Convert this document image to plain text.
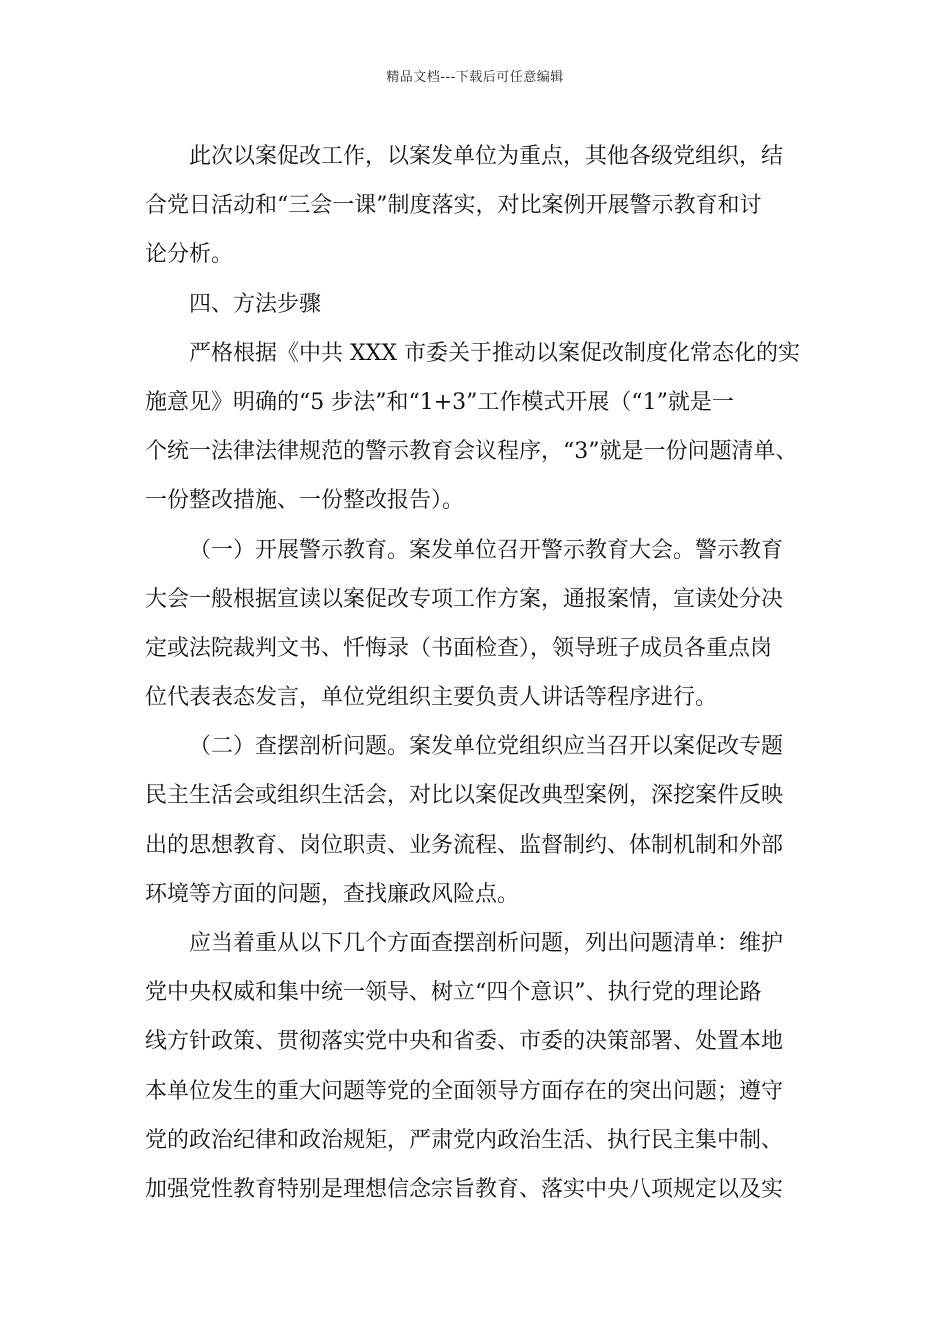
精品文档---下载后可任意编辑
此次以案促改工作，以案发单位为重点，其他各级党组织，结
合党日活动和“三会一课”制度落实，对比案例开展警示教育和讨
论分析。
四、方法步骤
严格根据《中共 XXX 市委关于推动以案促改制度化常态化的实
施意见》明确的“5 步法”和“1+3”工作模式开展（“1”就是一
个统一法律法律规范的警示教育会议程序，“3”就是一份问题清单、
一份整改措施、一份整改报告）。
（一）开展警示教育。案发单位召开警示教育大会。警示教育
大会一般根据宣读以案促改专项工作方案，通报案情，宣读处分决
定或法院裁判文书、忏悔录（书面检查），领导班子成员各重点岗
位代表表态发言，单位党组织主要负责人讲话等程序进行。
（二）查摆剖析问题。案发单位党组织应当召开以案促改专题
民主生活会或组织生活会，对比以案促改典型案例，深挖案件反映
出的思想教育、岗位职责、业务流程、监督制约、体制机制和外部
环境等方面的问题，查找廉政风险点。
应当着重从以下几个方面查摆剖析问题，列出问题清单：维护
党中央权威和集中统一领导、树立“四个意识”、执行党的理论路
线方针政策、贯彻落实党中央和省委、市委的决策部署、处置本地
本单位发生的重大问题等党的全面领导方面存在的突出问题；遵守
党的政治纪律和政治规矩，严肃党内政治生活、执行民主集中制、
加强党性教育特别是理想信念宗旨教育、落实中央八项规定以及实
